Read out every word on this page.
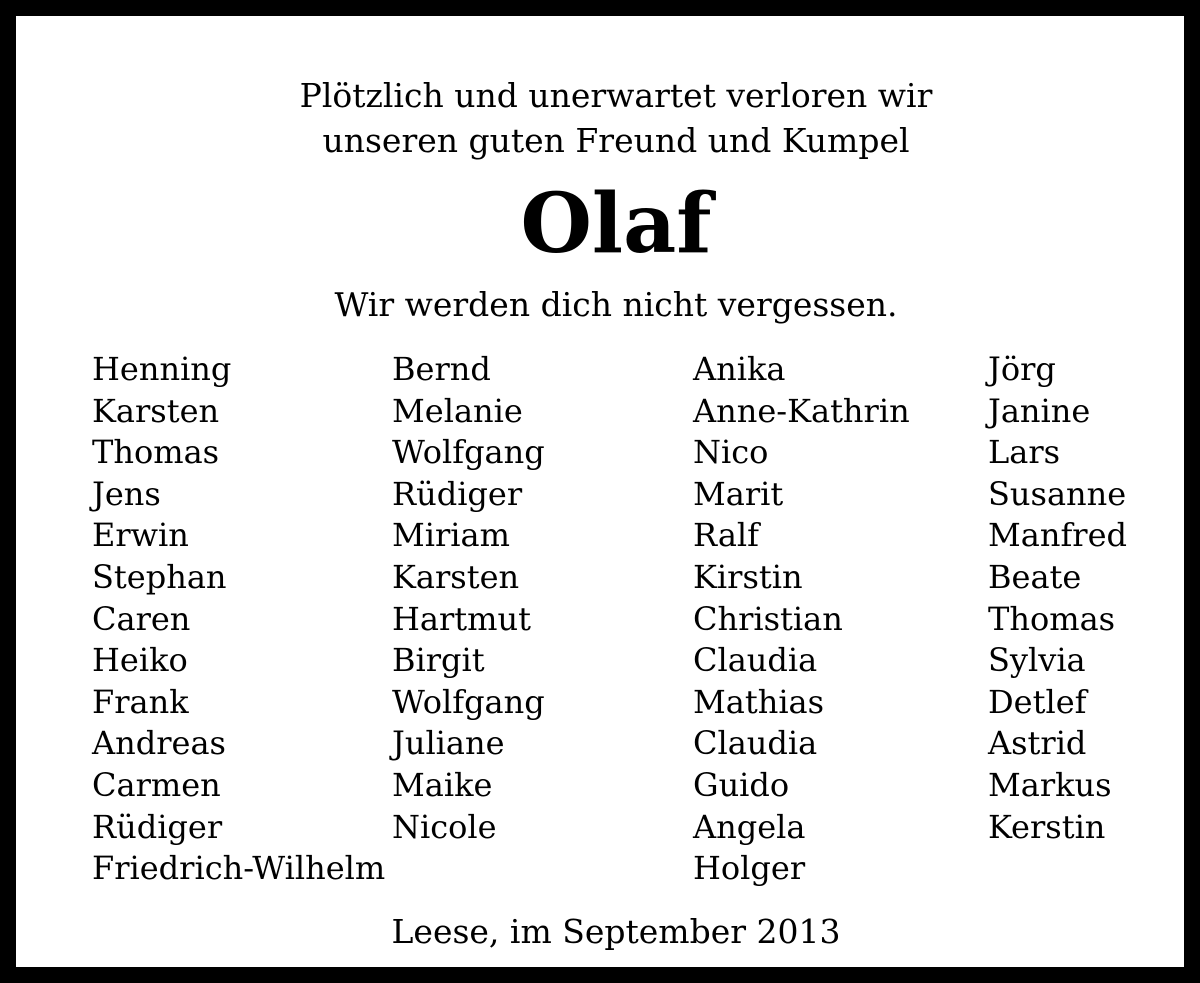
Plötzlich und unerwartet verloren wir
unseren guten Freund und Kumpel
Olaf
Wir werden dich nicht vergessen.
Henning
Karsten
Thomas
Jens
Erwin
Stephan
Caren
Heiko
Frank
Andreas
Carmen
Rüdiger
Friedrich-Wilhelm
Bernd
Melanie
Wolfgang
Rüdiger
Miriam
Karsten
Hartmut
Birgit
Wolfgang
Juliane
Maike
Nicole
Anika
Anne-Kathrin
Nico
Marit
Ralf
Kirstin
Christian
Claudia
Mathias
Claudia
Guido
Angela
Holger
Jörg
Janine
Lars
Susanne
Manfred
Beate
Thomas
Sylvia
Detlef
Astrid
Markus
Kerstin
Leese, im September 2013
